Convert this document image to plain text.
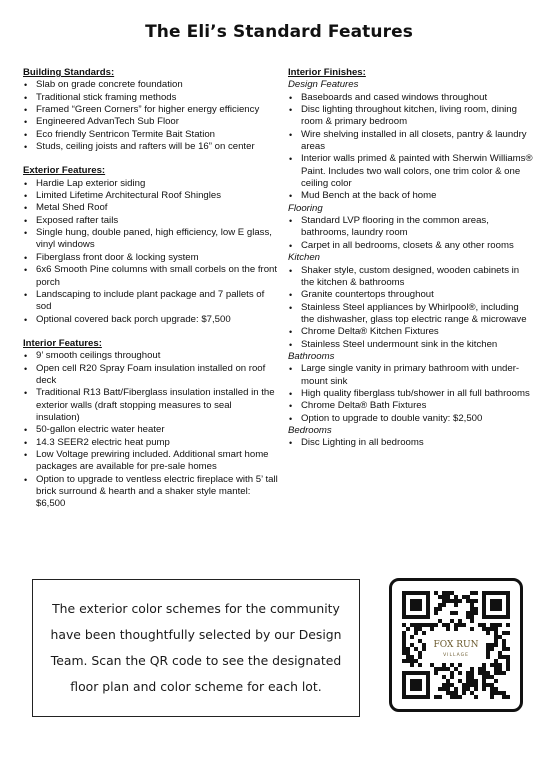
The Eli’s Standard Features

Building Standards:

• Slab on grade concrete foundation
• Traditional stick framing methods
• Framed “Green Corners” for higher energy efficiency
• Engineered AdvanTech Sub Floor
• Eco friendly Sentricon Termite Bait Station
• Studs, ceiling joists and rafters will be 16” on center

Exterior Features:

• Hardie Lap exterior siding
• Limited Lifetime Architectural Roof Shingles
• Metal Shed Roof
• Exposed rafter tails
• Single hung, double paned, high efficiency, low E glass, vinyl windows
• Fiberglass front door & locking system
• 6x6 Smooth Pine columns with small corbels on the front porch
• Landscaping to include plant package and 7 pallets of sod
• Optional covered back porch upgrade: $7,500

Interior Features:

• 9’ smooth ceilings throughout
• Open cell R20 Spray Foam insulation installed on roof deck
• Traditional R13 Batt/Fiberglass insulation installed in the exterior walls (draft stopping measures to seal insulation)
• 50-gallon electric water heater
• 14.3 SEER2 electric heat pump
• Low Voltage prewiring included. Additional smart home packages are available for pre-sale homes
• Option to upgrade to ventless electric fireplace with 5’ tall brick surround & hearth and a shaker style mantel: $6,500

Interior Finishes:

Design Features

• Baseboards and cased windows throughout
• Disc lighting throughout kitchen, living room, dining room & primary bedroom
• Wire shelving installed in all closets, pantry & laundry areas
• Interior walls primed & painted with Sherwin Williams® Paint. Includes two wall colors, one trim color & one ceiling color
• Mud Bench at the back of home

Flooring

• Standard LVP flooring in the common areas, bathrooms, laundry room
• Carpet in all bedrooms, closets & any other rooms

Kitchen

• Shaker style, custom designed, wooden cabinets in the kitchen & bathrooms
• Granite countertops throughout
• Stainless Steel appliances by Whirlpool®, including the dishwasher, glass top electric range & microwave
• Chrome Delta® Kitchen Fixtures
• Stainless Steel undermount sink in the kitchen

Bathrooms

• Large single vanity in primary bathroom with under-mount sink
• High quality fiberglass tub/shower in all full bathrooms
• Chrome Delta® Bath Fixtures
• Option to upgrade to double vanity: $2,500

Bedrooms

• Disc Lighting in all bedrooms

The exterior color schemes for the community have been thoughtfully selected by our Design Team. Scan the QR code to see the designated floor plan and color scheme for each lot.

FOX RUN
VILLAGE
